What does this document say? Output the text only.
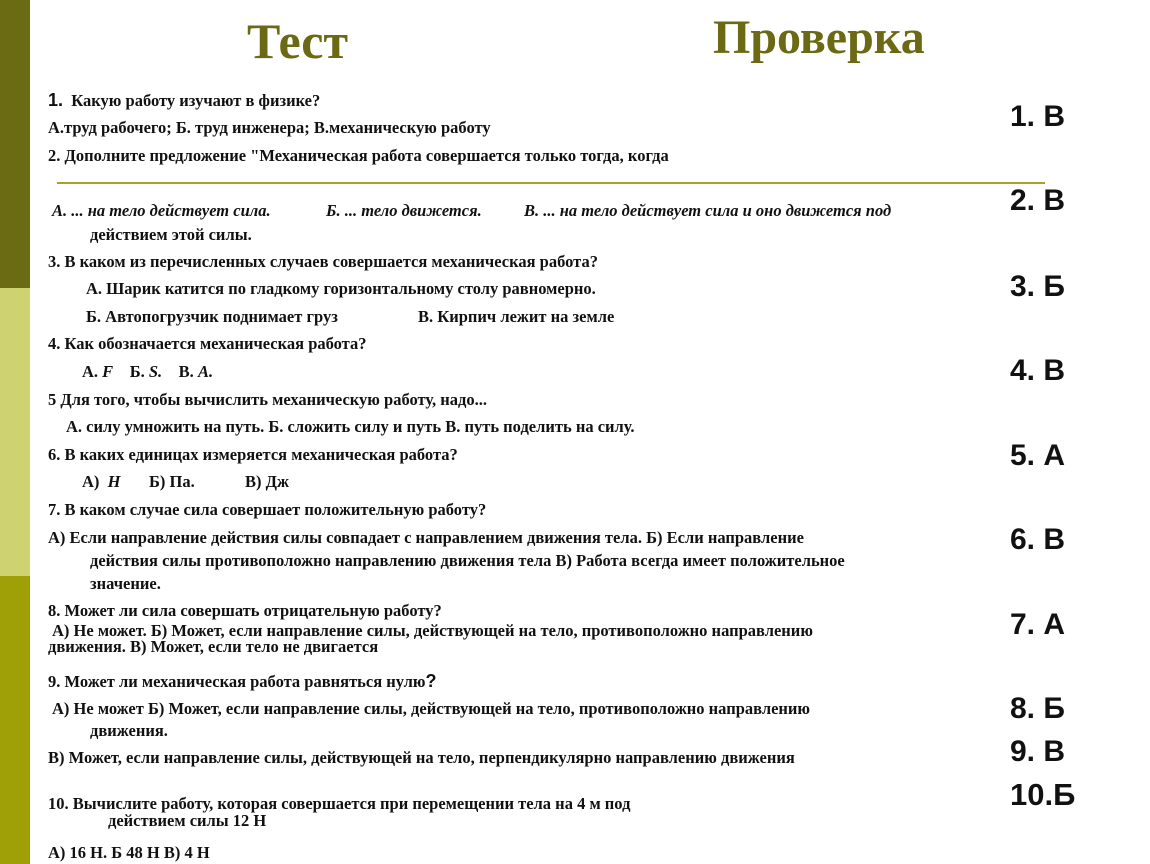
Тест	Проверка
1. Какую работу изучают в физике?
А.труд рабочего; Б. труд инженера; В.механическую работу
2. Дополните предложение "Механическая работа совершается только тогда, когда
А. ... на тело действует сила.	Б. ... тело движется.	В. ... на тело действует сила и оно движется под
действием этой силы.
3. В каком из перечисленных случаев совершается механическая работа?
А. Шарик катится по гладкому горизонтальному столу равномерно.
Б. Автопогрузчик поднимает груз	В. Кирпич лежит на земле
4. Как обозначается механическая работа?
А. F Б. S. В. A.
5 Для того, чтобы вычислить механическую работу, надо...
А. силу умножить на путь. Б. сложить силу и путь В. путь поделить на силу.
6. В каких единицах измеряется механическая работа?
А) Н Б) Па.	В) Дж
7. В каком случае сила совершает положительную работу?
А) Если направление действия силы совпадает с направлением движения тела. Б) Если направление
действия силы противоположно направлению движения тела В) Работа всегда имеет положительное
значение.
8. Может ли сила совершать отрицательную работу?
А) Не может. Б) Может, если направление силы, действующей на тело, противоположно направлению
движения. В) Может, если тело не двигается
9. Может ли механическая работа равняться нулю?
А) Не может Б) Может, если направление силы, действующей на тело, противоположно направлению
движения.
В) Может, если направление силы, действующей на тело, перпендикулярно направлению движения
10. Вычислите работу, которая совершается при перемещении тела на 4 м под
действием силы 12 Н
А) 16 Н. Б 48 Н В) 4 Н
1. В
2. В
3. Б
4. В
5. А
6. В
7. А
8. Б
9. В
10.Б
